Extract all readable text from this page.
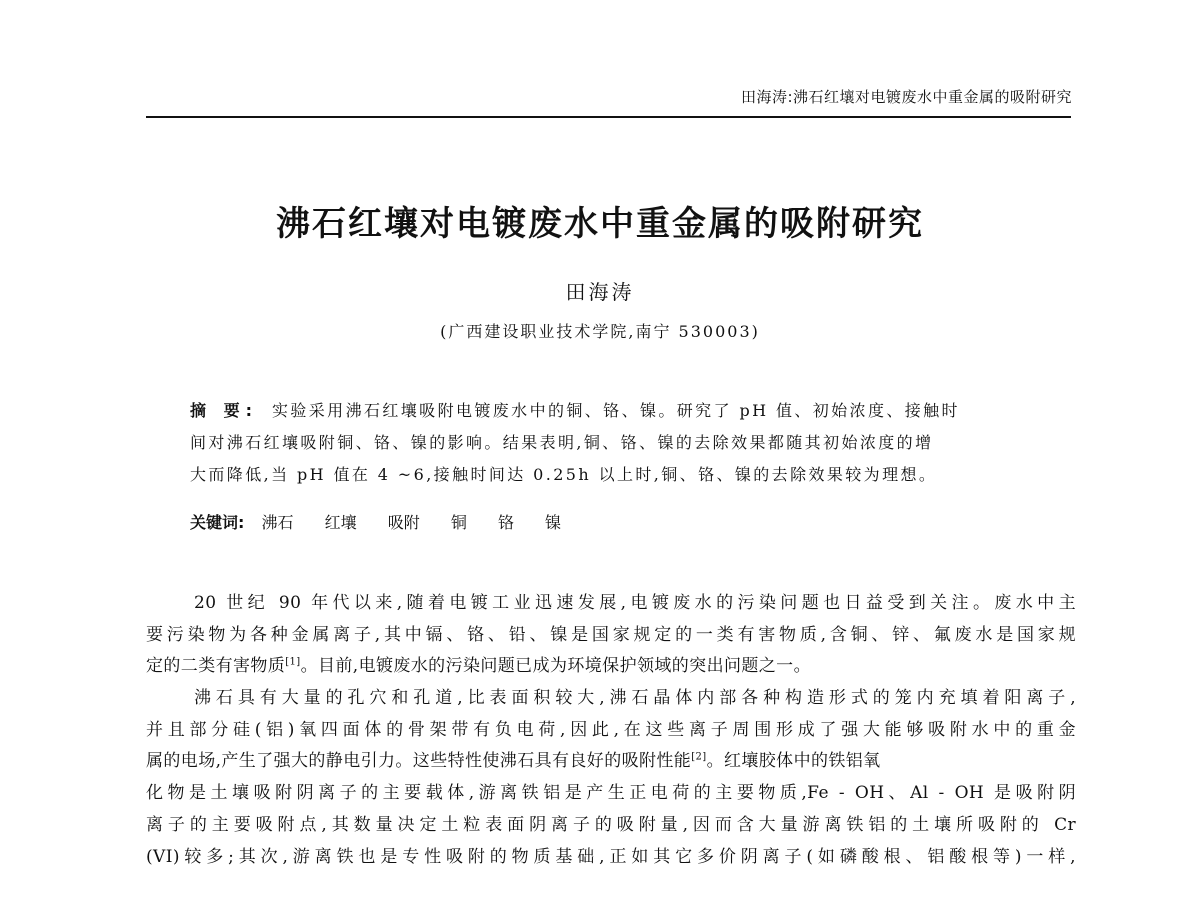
田海涛:沸石红壤对电镀废水中重金属的吸附研究
沸石红壤对电镀废水中重金属的吸附研究
田海涛
(广西建设职业技术学院,南宁 530003)
摘 要: 实验采用沸石红壤吸附电镀废水中的铜、铬、镍。研究了 pH 值、初始浓度、接触时
间对沸石红壤吸附铜、铬、镍的影响。结果表明,铜、铬、镍的去除效果都随其初始浓度的增
大而降低,当 pH 值在 4 ~6,接触时间达 0.25h 以上时,铜、铬、镍的去除效果较为理想。
关键词: 沸石 红壤 吸附 铜 铬 镍
20 世纪 90 年代以来,随着电镀工业迅速发展,电镀废水的污染问题也日益受到关注。废水中主
要污染物为各种金属离子,其中镉、铬、铅、镍是国家规定的一类有害物质,含铜、锌、氟废水是国家规
定的二类有害物质[1]。目前,电镀废水的污染问题已成为环境保护领域的突出问题之一。
沸石具有大量的孔穴和孔道,比表面积较大,沸石晶体内部各种构造形式的笼内充填着阳离子,
并且部分硅(铝)氧四面体的骨架带有负电荷,因此,在这些离子周围形成了强大能够吸附水中的重金
属的电场,产生了强大的静电引力。这些特性使沸石具有良好的吸附性能[2]。红壤胶体中的铁铝氧
化物是土壤吸附阴离子的主要载体,游离铁铝是产生正电荷的主要物质,Fe - OH、Al - OH 是吸附阴
离子的主要吸附点,其数量决定土粒表面阴离子的吸附量,因而含大量游离铁铝的土壤所吸附的 Cr
(VI)较多;其次,游离铁也是专性吸附的物质基础,正如其它多价阴离子(如磷酸根、铝酸根等)一样,
